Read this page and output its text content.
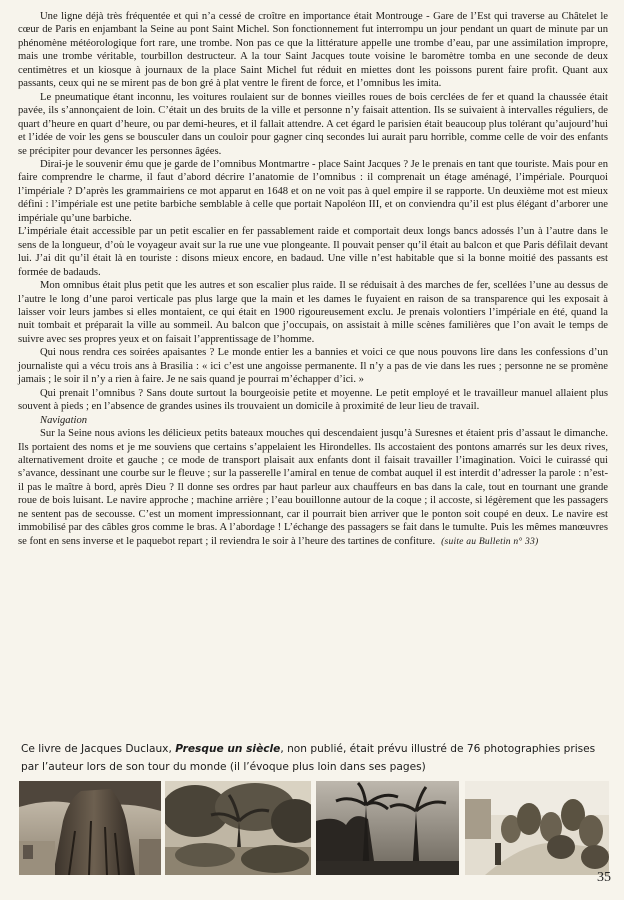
Une ligne déjà très fréquentée et qui n’a cessé de croître en importance était Montrouge - Gare de l’Est qui traverse au Châtelet le cœur de Paris en enjambant la Seine au pont Saint Michel. Son fonctionnement fut interrompu un jour pendant un quart de minute par un phénomène météorologique fort rare, une trombe. Non pas ce que la littérature appelle une trombe d’eau, par une assimilation impropre, mais une trombe véritable, tourbillon destructeur. A la tour Saint Jacques toute voisine le baromètre tomba en une seconde de deux centimètres et un kiosque à journaux de la place Saint Michel fut réduit en miettes dont les poissons purent faire profit. Quant aux passants, ceux qui ne se mirent pas de bon gré à plat ventre le firent de force, et l’omnibus les imita.

Le pneumatique étant inconnu, les voitures roulaient sur de bonnes vieilles roues de bois cerclées de fer et quand la chaussée était pavée, ils s’annonçaient de loin. C’était un des bruits de la ville et personne n’y faisait attention. Ils se suivaient à intervalles réguliers, de quart d’heure en quart d’heure, ou par demi-heures, et il fallait attendre. A cet égard le parisien était beaucoup plus tolérant qu’aujourd’hui et l’idée de voir les gens se bousculer dans un couloir pour gagner cinq secondes lui aurait paru horrible, comme celle de voir des enfants se précipiter pour devancer les personnes âgées.

Dirai-je le souvenir ému que je garde de l’omnibus Montmartre - place Saint Jacques ? Je le prenais en tant que touriste. Mais pour en faire comprendre le charme, il faut d’abord décrire l’anatomie de l’omnibus : il comprenait un étage aménagé, l’impériale. Pourquoi l’impériale ? D’après les grammairiens ce mot apparut en 1648 et on ne voit pas à quel empire il se rapporte. Un deuxième mot est mieux défini : l’impériale est une petite barbiche semblable à celle que portait Napoléon III, et on conviendra qu’il est plus élégant d’arborer une impériale qu’une barbiche.

L’impériale était accessible par un petit escalier en fer passablement raide et comportait deux longs bancs adossés l’un à l’autre dans le sens de la longueur, d’où le voyageur avait sur la rue une vue plongeante. Il pouvait penser qu’il était au balcon et que Paris défilait devant lui. J’ai dit qu’il était là en touriste : disons mieux encore, en badaud. Une ville n’est habitable que si la bonne moitié des passants est formée de badauds.

Mon omnibus était plus petit que les autres et son escalier plus raide. Il se réduisait à des marches de fer, scellées l’une au dessus de l’autre le long d’une paroi verticale pas plus large que la main et les dames le fuyaient en raison de sa transparence qui les exposait à laisser voir leurs jambes si elles montaient, ce qui était en 1900 rigoureusement exclu. Je prenais volontiers l’impériale en été, quand la nuit tombait et préparait la ville au sommeil. Au balcon que j’occupais, on assistait à mille scènes familières que l’on avait le temps de suivre avec ses propres yeux et on faisait l’apprentissage de l’homme.

Qui nous rendra ces soirées apaisantes ? Le monde entier les a bannies et voici ce que nous pouvons lire dans les confessions d’un journaliste qui a vécu trois ans à Brasilia : « ici c’est une angoisse permanente. Il n’y a pas de vie dans les rues ; personne ne se promène jamais ; le soir il n’y a rien à faire. Je ne sais quand je pourrai m’échapper d’ici. »

Qui prenait l’omnibus ? Sans doute surtout la bourgeoisie petite et moyenne. Le petit employé et le travailleur manuel allaient plus souvent à pieds ; en l’absence de grandes usines ils trouvaient un domicile à proximité de leur lieu de travail.

Navigation

Sur la Seine nous avions les délicieux petits bateaux mouches qui descendaient jusqu’à Suresnes et étaient pris d’assaut le dimanche. Ils portaient des noms et je me souviens que certains s’appelaient les Hirondelles. Ils accostaient des pontons amarrés sur les deux rives, alternativement droite et gauche ; ce mode de transport plaisait aux enfants dont il faisait travailler l’imagination. Voici le cuirassé qui s’avance, dessinant une courbe sur le fleuve ; sur la passerelle l’amiral en tenue de combat auquel il est interdit d’adresser la parole : n’est-il pas le maître à bord, après Dieu ? Il donne ses ordres par haut parleur aux chauffeurs en bas dans la cale, tout en tournant une grande roue de bois luisant. Le navire approche ; machine arrière ; l’eau bouillonne autour de la coque ; il accoste, si légèrement que les passagers ne sentent pas de secousse. C’est un moment impressionnant, car il pourrait bien arriver que le ponton soit coupé en deux. Le navire est immobilisé par des câbles gros comme le bras. A l’abordage ! L’échange des passagers se fait dans le tumulte. Puis les mêmes manœuvres se font en sens inverse et le paquebot repart ; il reviendra le soir à l’heure des tartines de confiture. (suite au Bulletin n° 33)

Ce livre de Jacques Duclaux, Presque un siècle, non publié, était prévu illustré de 76 photographies prises par l’auteur lors de son tour du monde (il l’évoque plus loin dans ses pages)
35
